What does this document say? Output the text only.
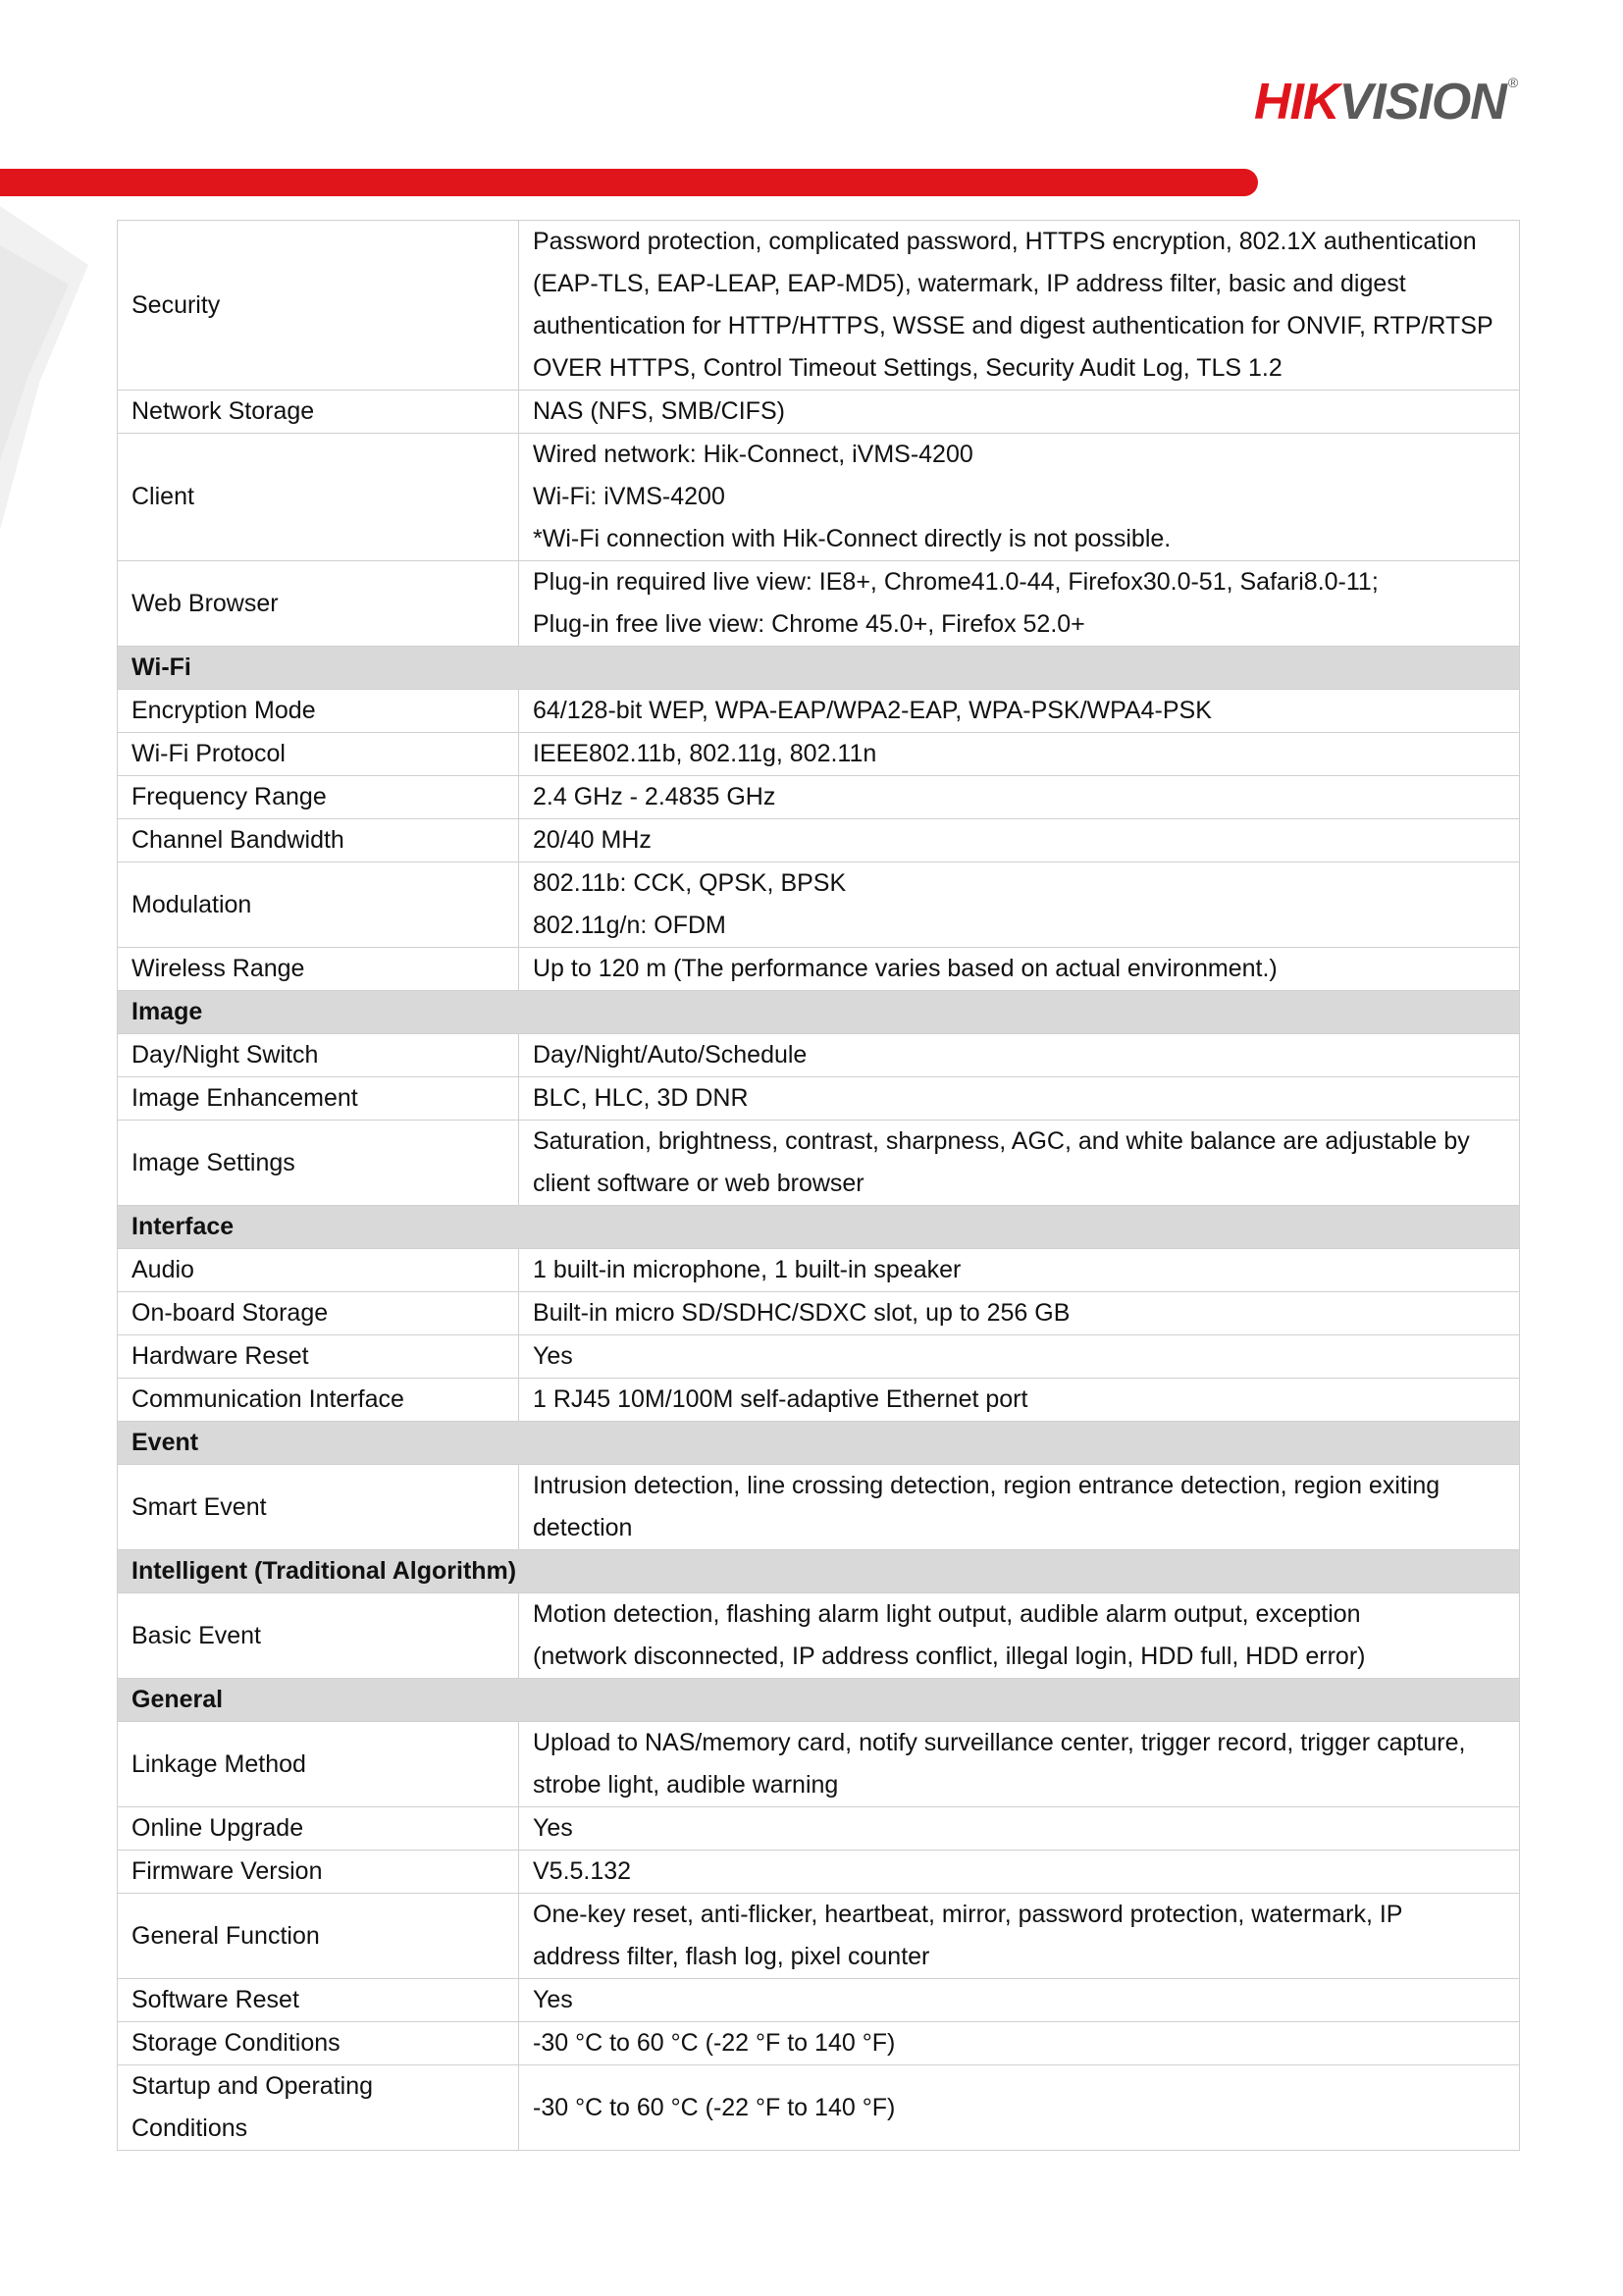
HIKVISION ®
Security	Password protection, complicated password, HTTPS encryption, 802.1X authentication
(EAP-TLS, EAP-LEAP, EAP-MD5), watermark, IP address filter, basic and digest
authentication for HTTP/HTTPS, WSSE and digest authentication for ONVIF, RTP/RTSP
OVER HTTPS, Control Timeout Settings, Security Audit Log, TLS 1.2
Network Storage	NAS (NFS, SMB/CIFS)
Client	Wired network: Hik-Connect, iVMS-4200
Wi-Fi: iVMS-4200
*Wi-Fi connection with Hik-Connect directly is not possible.
Web Browser	Plug-in required live view: IE8+, Chrome41.0-44, Firefox30.0-51, Safari8.0-11;
Plug-in free live view: Chrome 45.0+, Firefox 52.0+
Wi-Fi	
Encryption Mode	64/128-bit WEP, WPA-EAP/WPA2-EAP, WPA-PSK/WPA4-PSK
Wi-Fi Protocol	IEEE802.11b, 802.11g, 802.11n
Frequency Range	2.4 GHz - 2.4835 GHz
Channel Bandwidth	20/40 MHz
Modulation	802.11b: CCK, QPSK, BPSK
802.11g/n: OFDM
Wireless Range	Up to 120 m (The performance varies based on actual environment.)
Image	
Day/Night Switch	Day/Night/Auto/Schedule
Image Enhancement	BLC, HLC, 3D DNR
Image Settings	Saturation, brightness, contrast, sharpness, AGC, and white balance are adjustable by
client software or web browser
Interface	
Audio	1 built-in microphone, 1 built-in speaker
On-board Storage	Built-in micro SD/SDHC/SDXC slot, up to 256 GB
Hardware Reset	Yes
Communication Interface	1 RJ45 10M/100M self-adaptive Ethernet port
Event	
Smart Event	Intrusion detection, line crossing detection, region entrance detection, region exiting
detection
Intelligent (Traditional Algorithm)	
Basic Event	Motion detection, flashing alarm light output, audible alarm output, exception
(network disconnected, IP address conflict, illegal login, HDD full, HDD error)
General	
Linkage Method	Upload to NAS/memory card, notify surveillance center, trigger record, trigger capture,
strobe light, audible warning
Online Upgrade	Yes
Firmware Version	V5.5.132
General Function	One-key reset, anti-flicker, heartbeat, mirror, password protection, watermark, IP
address filter, flash log, pixel counter
Software Reset	Yes
Storage Conditions	-30 °C to 60 °C (-22 °F to 140 °F)
Startup and Operating
Conditions	-30 °C to 60 °C (-22 °F to 140 °F)
